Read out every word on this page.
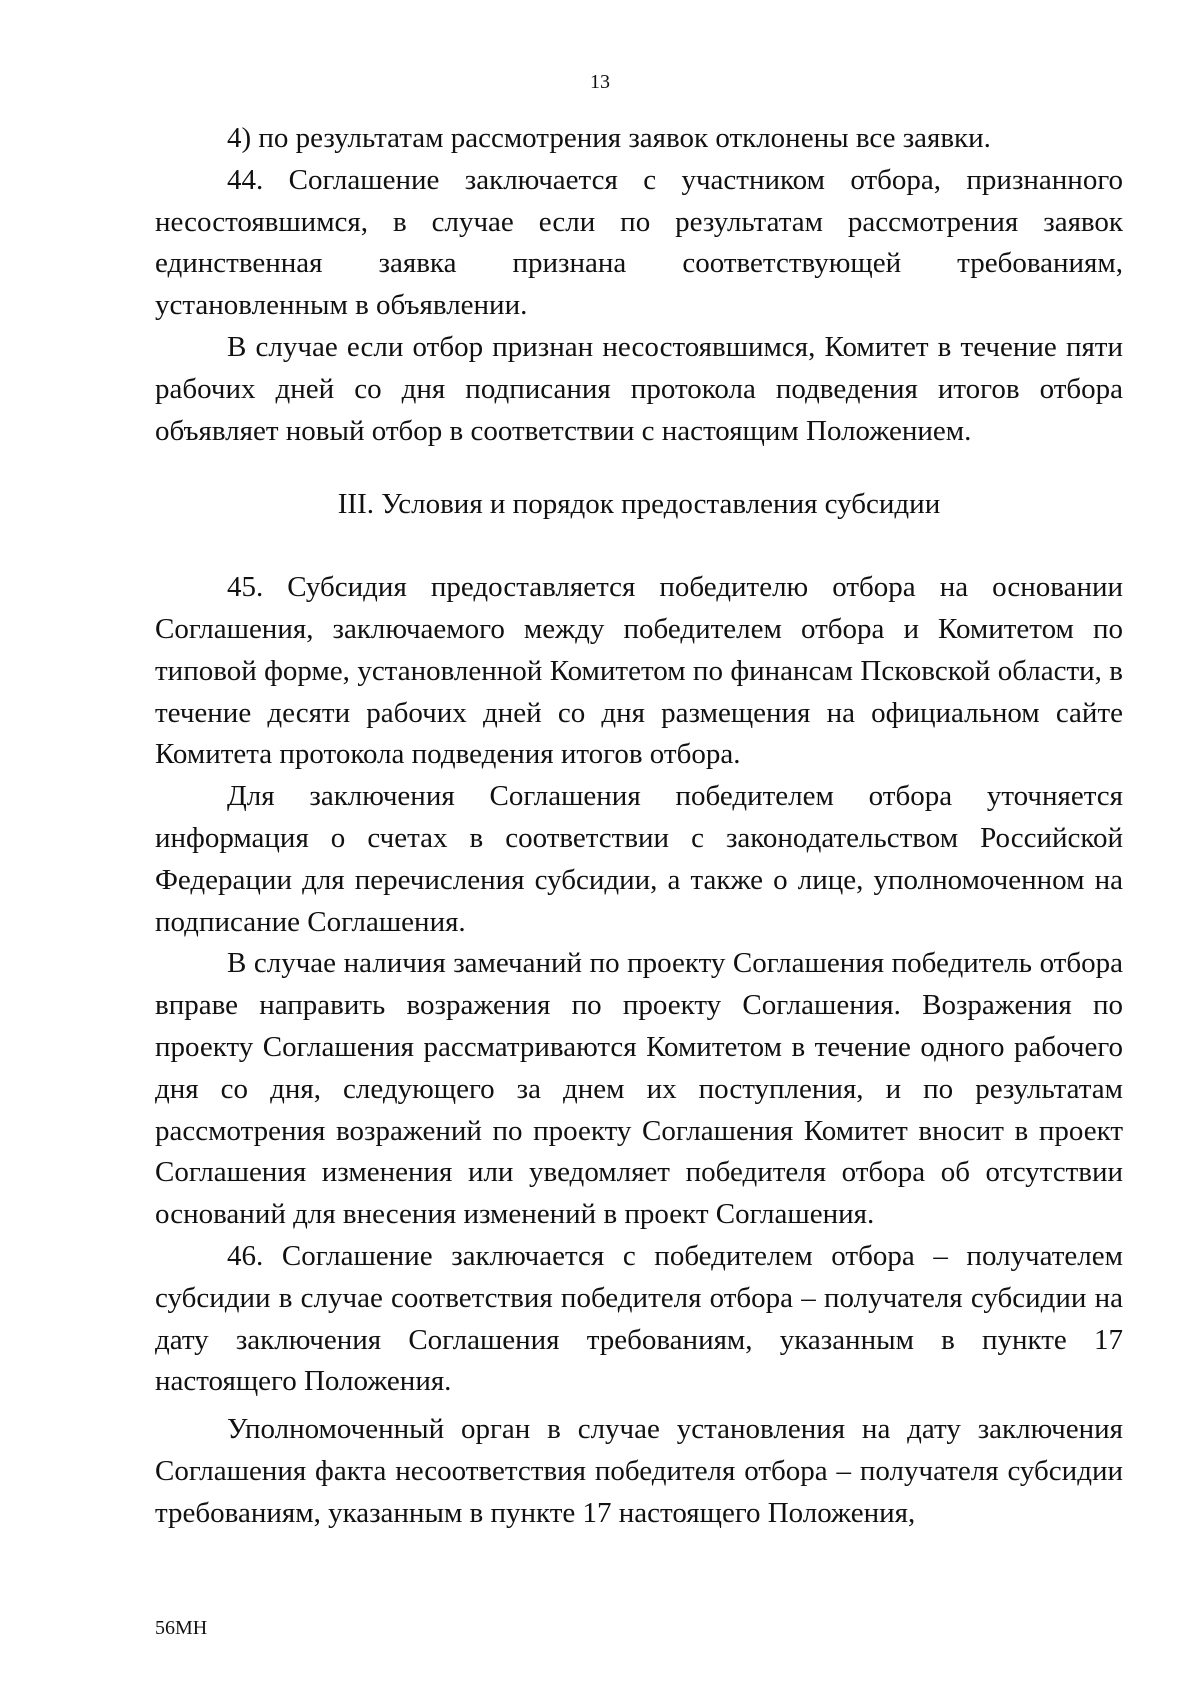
13

4) по результатам рассмотрения заявок отклонены все заявки.

44. Соглашение заключается с участником отбора, признанного несостоявшимся, в случае если по результатам рассмотрения заявок единственная заявка признана соответствующей требованиям, установленным в объявлении.

В случае если отбор признан несостоявшимся, Комитет в течение пяти рабочих дней со дня подписания протокола подведения итогов отбора объявляет новый отбор в соответствии с настоящим Положением.

III. Условия и порядок предоставления субсидии

45. Субсидия предоставляется победителю отбора на основании Соглашения, заключаемого между победителем отбора и Комитетом по типовой форме, установленной Комитетом по финансам Псковской области, в течение десяти рабочих дней со дня размещения на официальном сайте Комитета протокола подведения итогов отбора.

Для заключения Соглашения победителем отбора уточняется информация о счетах в соответствии с законодательством Российской Федерации для перечисления субсидии, а также о лице, уполномоченном на подписание Соглашения.

В случае наличия замечаний по проекту Соглашения победитель отбора вправе направить возражения по проекту Соглашения. Возражения по проекту Соглашения рассматриваются Комитетом в течение одного рабочего дня со дня, следующего за днем их поступления, и по результатам рассмотрения возражений по проекту Соглашения Комитет вносит в проект Соглашения изменения или уведомляет победителя отбора об отсутствии оснований для внесения изменений в проект Соглашения.

46. Соглашение заключается с победителем отбора – получателем субсидии в случае соответствия победителя отбора – получателя субсидии на дату заключения Соглашения требованиям, указанным в пункте 17 настоящего Положения.

Уполномоченный орган в случае установления на дату заключения Соглашения факта несоответствия победителя отбора – получателя субсидии требованиям, указанным в пункте 17 настоящего Положения,

56МН
